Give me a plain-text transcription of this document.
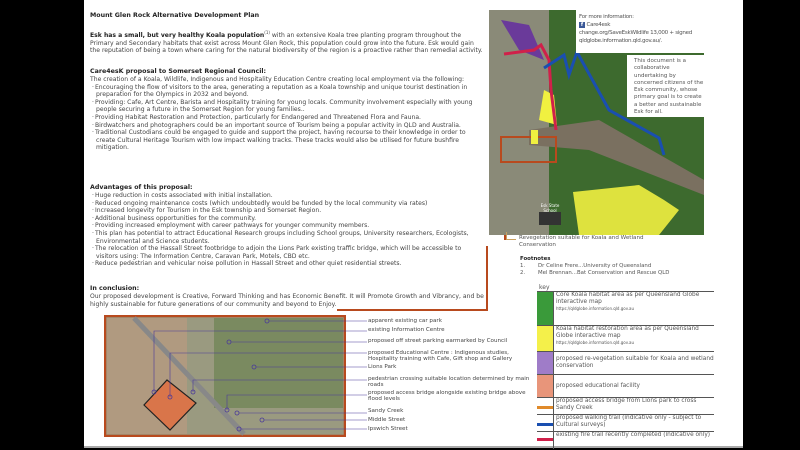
Mount Glen Rock Alternative Development Plan
Esk has a small, but very healthy Koala population$^{(1)}$ with an extensive Koala tree planting program throughout the Primary and Secondary habitats that exist across Mount Glen Rock, this population could grow into the future. Esk would gain the reputation of being a town where caring for the natural biodiversity of the region is a proactive rather than remedial activity.
Care4esK proposal to Somerset Regional Council:
The creation of a Koala, Wildlife, Indigenous and Hospitality Education Centre creating local employment via the following:
· Encouraging the flow of visitors to the area, generating a reputation as a Koala township and unique tourist destination in preparation for the Olympics in 2032 and beyond.
· Providing: Cafe, Art Centre, Barista and Hospitality training for young locals. Community involvement especially with young people securing a future in the Somerset Region for young families..
· Providing Habitat Restoration and Protection, particularly for Endangered and Threatened Flora and Fauna.
· Birdwatchers and photographers could be an important source of Tourism being a popular activity in QLD and Australia.
· Traditional Custodians could be engaged to guide and support the project, having recourse to their knowledge in order to create Cultural Heritage Tourism with low impact walking tracks. These tracks would also be utilised for future bushfire mitigation.
Advantages of this proposal:
· Huge reduction in costs associated with initial installation.
· Reduced ongoing maintenance costs (which undoubtedly would be funded by the local community via rates)
· Increased longevity for Tourism in the Esk township and Somerset Region.
· Additional business opportunities for the community.
· Providing increased employment with career pathways for younger community members.
· This plan has potential to attract Educational Research groups including School groups, University researchers, Ecologists, Environmental and Science students.
· The relocation of the Hassall Street footbridge to adjoin the Lions Park existing traffic bridge, which will be accessible to visitors using: The Information Centre, Caravan Park, Motels, CBD etc.
· Reduce pedestrian and vehicular noise pollution in Hassall Street and other quiet residential streets.
In conclusion:
Our proposed development is Creative, Forward Thinking and has Economic Benefit. It will Promote Growth and Vibrancy, and be highly sustainable for future generations of our community and beyond to Enjoy.
apparent existing car park
existing Information Centre
proposed off street parking earmarked by Council
proposed Educational Centre : Indigenous studies, Hospitality training with Cafe, Gift shop and Gallery
Lions Park
pedestrian crossing suitable location determined by main roads
proposed access bridge alongside existing bridge above flood levels
Sandy Creek
Middle Street
Ipswich Street
Esk State School
For more information:
f Care4esk
change.org/SaveEskWildlife 13,000 + signed
qldglobe.information.qld.gov.au/.
This document is a collaborative undertaking by concerned citizens of the Esk community, whose primary goal is to create a better and sustainable Esk for all.
Revegetation suitable for Koala and Wetland Conservation
Footnotes
1. Dr Celine Frere...University of Queensland
2. Mel Brennan...Bat Conservation and Rescue QLD
key
Core Koala habitat area as per Queensland Globe interactive map
https://qldglobe.information.qld.gov.au
Koala habitat restoration area as per Queensland Globe interactive map
https://qldglobe.information.qld.gov.au
proposed re-vegetation suitable for Koala and wetland conservation
proposed educational facility
proposed access bridge from Lions park to cross Sandy Creek
proposed walking trail (indicative only - subject to Cultural surveys)
existing fire trail recently completed (indicative only)
